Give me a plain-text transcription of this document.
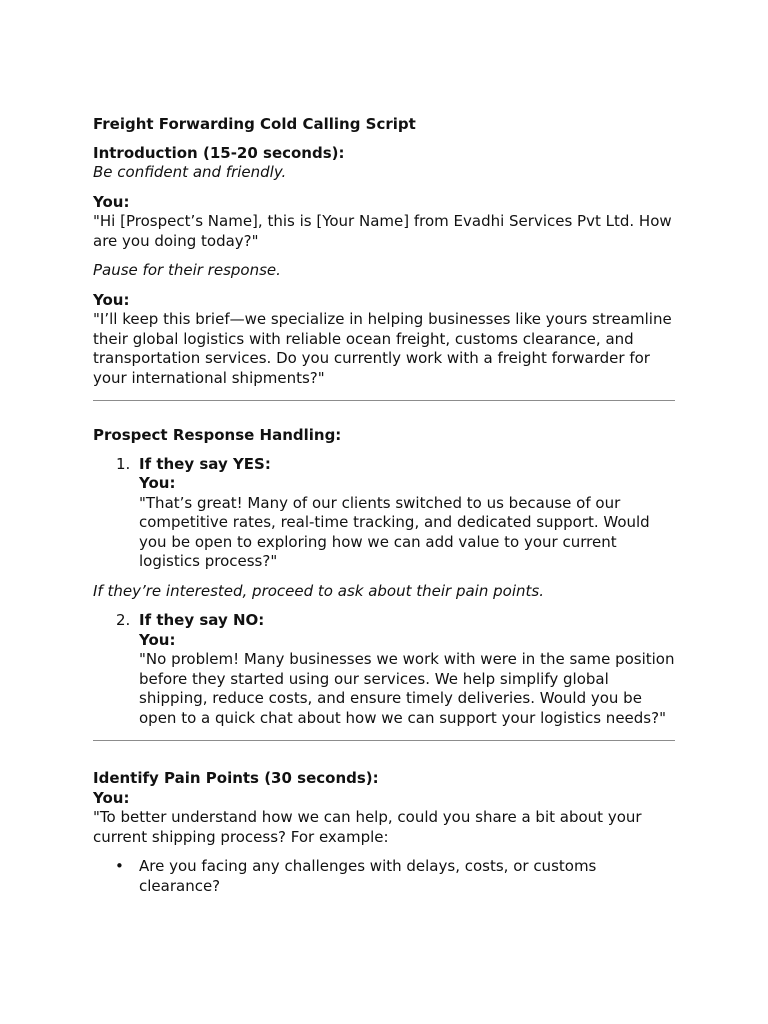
Freight Forwarding Cold Calling Script

Introduction (15-20 seconds):

Be confident and friendly.

You:

"Hi [Prospect’s Name], this is [Your Name] from Evadhi Services Pvt Ltd. How are you doing today?"

Pause for their response.

You:

"I’ll keep this brief—we specialize in helping businesses like yours streamline their global logistics with reliable ocean freight, customs clearance, and transportation services. Do you currently work with a freight forwarder for your international shipments?"

Prospect Response Handling:

1. If they say YES:

You:

"That’s great! Many of our clients switched to us because of our competitive rates, real-time tracking, and dedicated support. Would you be open to exploring how we can add value to your current logistics process?"

If they’re interested, proceed to ask about their pain points.

2. If they say NO:

You:

"No problem! Many businesses we work with were in the same position before they started using our services. We help simplify global shipping, reduce costs, and ensure timely deliveries. Would you be open to a quick chat about how we can support your logistics needs?"

Identify Pain Points (30 seconds):

You:

"To better understand how we can help, could you share a bit about your current shipping process? For example:

• Are you facing any challenges with delays, costs, or customs clearance?
